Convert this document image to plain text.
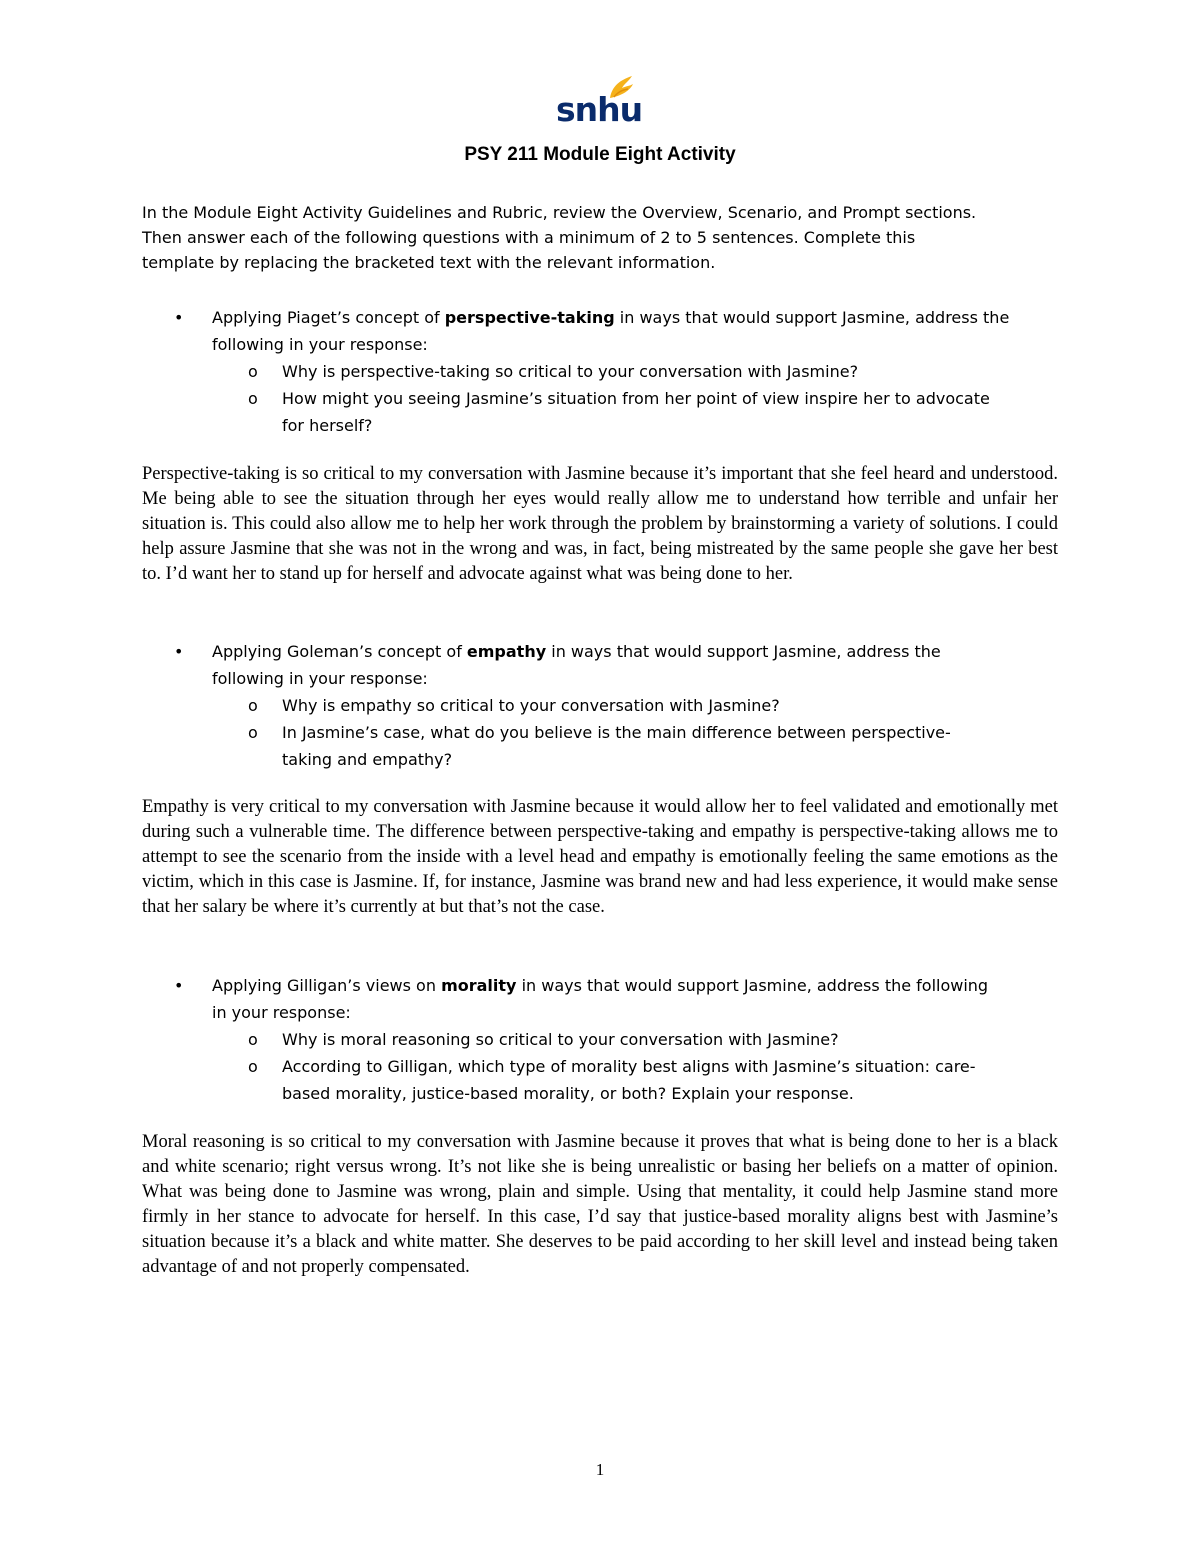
snhu
PSY 211 Module Eight Activity

In the Module Eight Activity Guidelines and Rubric, review the Overview, Scenario, and Prompt sections.

Then answer each of the following questions with a minimum of 2 to 5 sentences. Complete this

template by replacing the bracketed text with the relevant information.

• Applying Piaget’s concept of perspective-taking in ways that would support Jasmine, address the
following in your response:
o Why is perspective-taking so critical to your conversation with Jasmine?
o How might you seeing Jasmine’s situation from her point of view inspire her to advocate
for herself?

Perspective-taking is so critical to my conversation with Jasmine because it’s important that she feel heard and understood. Me being able to see the situation through her eyes would really allow me to understand how terrible and unfair her situation is. This could also allow me to help her work through the problem by brainstorming a variety of solutions. I could help assure Jasmine that she was not in the wrong and was, in fact, being mistreated by the same people she gave her best to. I’d want her to stand up for herself and advocate against what was being done to her.

• Applying Goleman’s concept of empathy in ways that would support Jasmine, address the
following in your response:
o Why is empathy so critical to your conversation with Jasmine?
o In Jasmine’s case, what do you believe is the main difference between perspective-
taking and empathy?

Empathy is very critical to my conversation with Jasmine because it would allow her to feel validated and emotionally met during such a vulnerable time. The difference between perspective-taking and empathy is perspective-taking allows me to attempt to see the scenario from the inside with a level head and empathy is emotionally feeling the same emotions as the victim, which in this case is Jasmine. If, for instance, Jasmine was brand new and had less experience, it would make sense that her salary be where it’s currently at but that’s not the case.

• Applying Gilligan’s views on morality in ways that would support Jasmine, address the following
in your response:
o Why is moral reasoning so critical to your conversation with Jasmine?
o According to Gilligan, which type of morality best aligns with Jasmine’s situation: care-
based morality, justice-based morality, or both? Explain your response.

Moral reasoning is so critical to my conversation with Jasmine because it proves that what is being done to her is a black and white scenario; right versus wrong. It’s not like she is being unrealistic or basing her beliefs on a matter of opinion. What was being done to Jasmine was wrong, plain and simple. Using that mentality, it could help Jasmine stand more firmly in her stance to advocate for herself. In this case, I’d say that justice-based morality aligns best with Jasmine’s situation because it’s a black and white matter. She deserves to be paid according to her skill level and instead being taken advantage of and not properly compensated.

1
